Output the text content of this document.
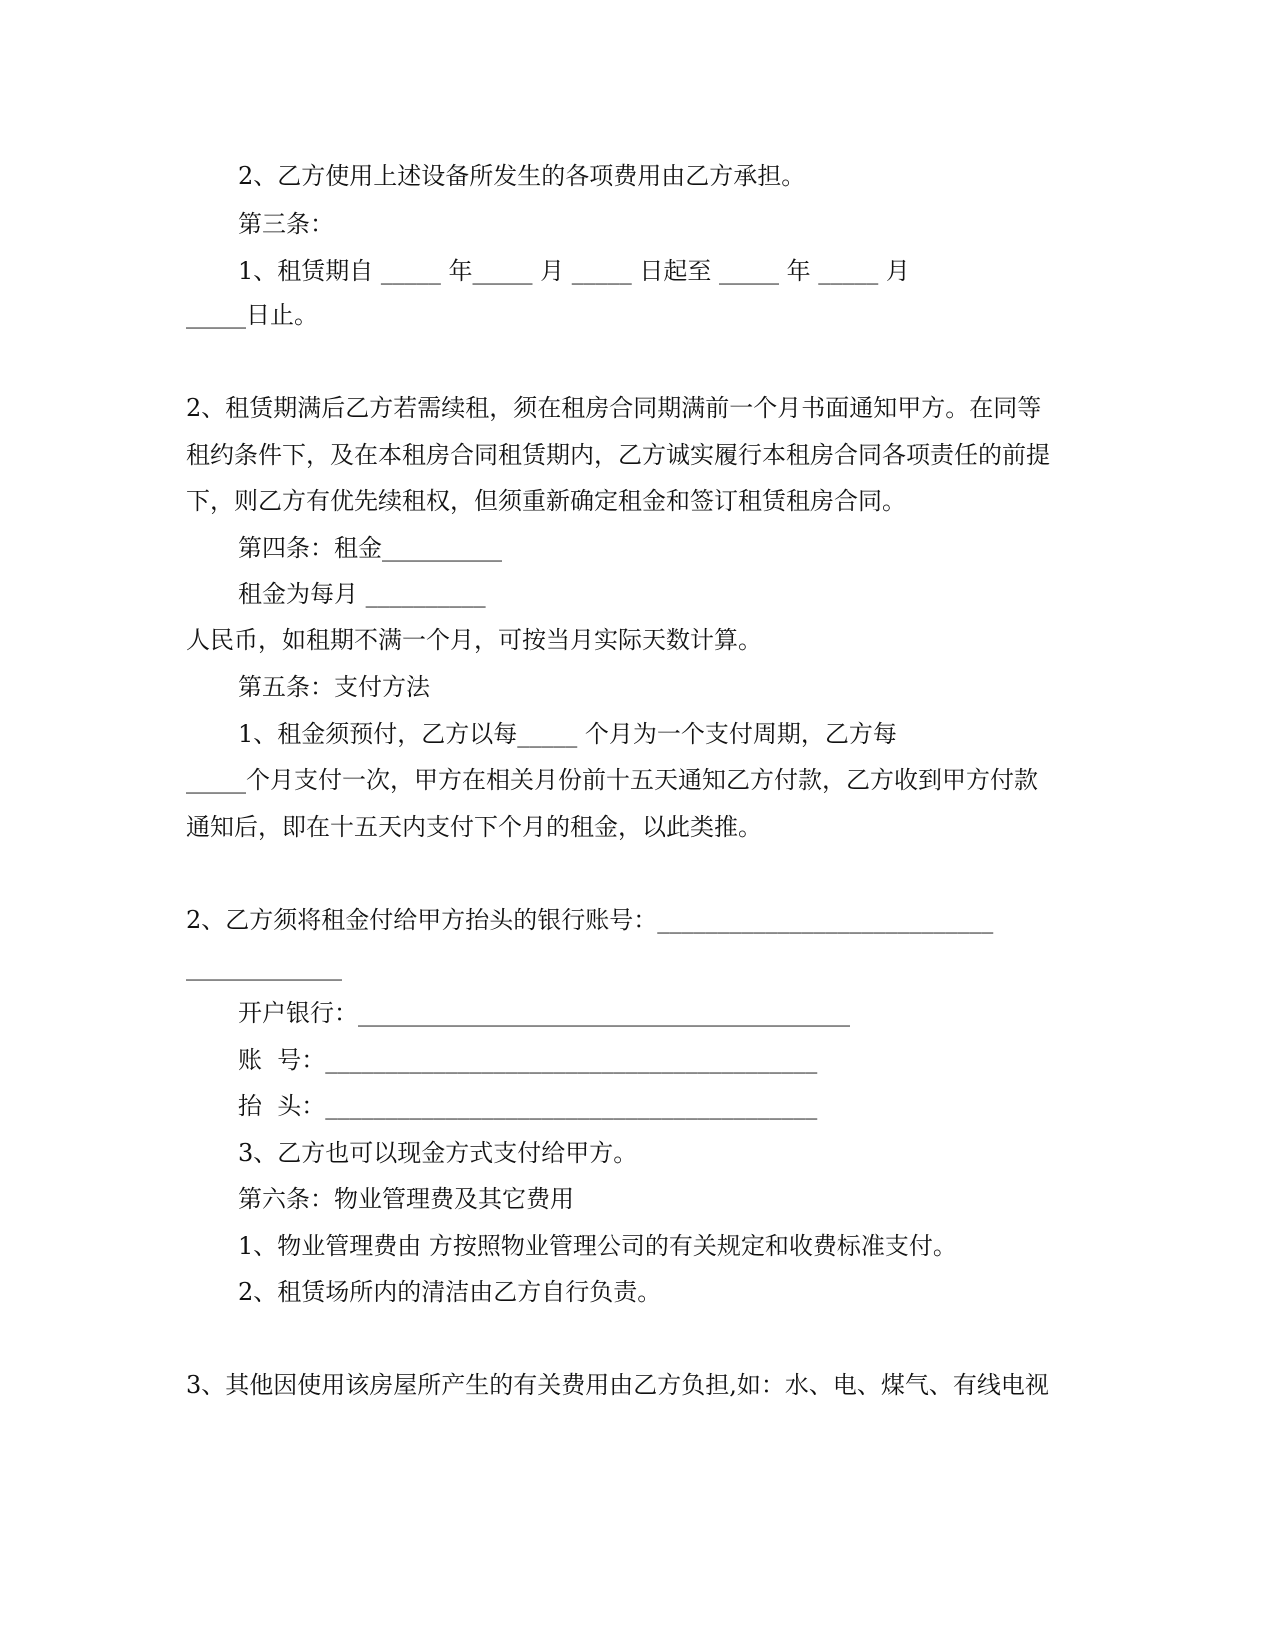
2、乙方使用上述设备所发生的各项费用由乙方承担。
第三条：
1、租赁期自 _____ 年_____ 月 _____ 日起至 _____ 年 _____ 月
_____日止。
2、租赁期满后乙方若需续租，须在租房合同期满前一个月书面通知甲方。在同等
租约条件下，及在本租房合同租赁期内，乙方诚实履行本租房合同各项责任的前提
下，则乙方有优先续租权，但须重新确定租金和签订租赁租房合同。
第四条：租金__________
租金为每月 __________
人民币，如租期不满一个月，可按当月实际天数计算。
第五条：支付方法
1、租金须预付，乙方以每_____ 个月为一个支付周期，乙方每
_____个月支付一次，甲方在相关月份前十五天通知乙方付款，乙方收到甲方付款
通知后，即在十五天内支付下个月的租金，以此类推。
2、乙方须将租金付给甲方抬头的银行账号：____________________________
_____________
开户银行：_________________________________________
账  号：_________________________________________
抬  头：_________________________________________
3、乙方也可以现金方式支付给甲方。
第六条：物业管理费及其它费用
1、物业管理费由 方按照物业管理公司的有关规定和收费标准支付。
2、租赁场所内的清洁由乙方自行负责。
3、其他因使用该房屋所产生的有关费用由乙方负担,如：水、电、煤气、有线电视
